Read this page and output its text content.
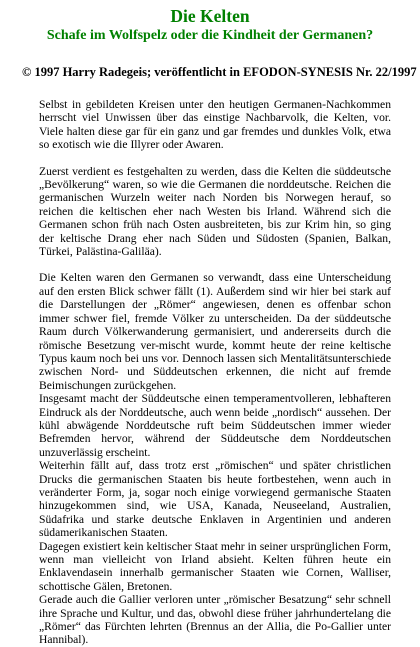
Die Kelten
Schafe im Wolfspelz oder die Kindheit der Germanen?
© 1997 Harry Radegeis; veröffentlicht in EFODON-SYNESIS Nr. 22/1997

Selbst in gebildeten Kreisen unter den heutigen Germanen-Nachkommen herrscht viel Unwissen über das einstige Nachbarvolk, die Kelten, vor. Viele halten diese gar für ein ganz und gar fremdes und dunkles Volk, etwa so exotisch wie die Illyrer oder Awaren.

Zuerst verdient es festgehalten zu werden, dass die Kelten die süddeutsche „Bevölkerung“ waren, so wie die Germanen die norddeutsche. Reichen die germanischen Wurzeln weiter nach Norden bis Norwegen herauf, so reichen die keltischen eher nach Westen bis Irland. Während sich die Germanen schon früh nach Osten ausbreiteten, bis zur Krim hin, so ging der keltische Drang eher nach Süden und Südosten (Spanien, Balkan, Türkei, Palästina-Galiläa).

Die Kelten waren den Germanen so verwandt, dass eine Unterscheidung auf den ersten Blick schwer fällt (1). Außerdem sind wir hier bei stark auf die Darstellungen der „Römer“ angewiesen, denen es offenbar schon immer schwer fiel, fremde Völker zu unterscheiden. Da der süddeutsche Raum durch Völkerwanderung germanisiert, und andererseits durch die römische Besetzung ver-mischt wurde, kommt heute der reine keltische Typus kaum noch bei uns vor. Dennoch lassen sich Mentalitätsunterschiede zwischen Nord- und Süddeutschen erkennen, die nicht auf fremde Beimischungen zurückgehen.

Insgesamt macht der Süddeutsche einen temperamentvolleren, lebhafteren Eindruck als der Norddeutsche, auch wenn beide „nordisch“ aussehen. Der kühl abwägende Norddeutsche ruft beim Süddeutschen immer wieder Befremden hervor, während der Süddeutsche dem Norddeutschen unzuverlässig erscheint.

Weiterhin fällt auf, dass trotz erst „römischen“ und später christlichen Drucks die germanischen Staaten bis heute fortbestehen, wenn auch in veränderter Form, ja, sogar noch einige vorwiegend germanische Staaten hinzugekommen sind, wie USA, Kanada, Neuseeland, Australien, Südafrika und starke deutsche Enklaven in Argentinien und anderen südamerikanischen Staaten.

Dagegen existiert kein keltischer Staat mehr in seiner ursprünglichen Form, wenn man vielleicht von Irland absieht. Kelten führen heute ein Enklavendasein innerhalb germanischer Staaten wie Cornen, Walliser, schottische Gälen, Bretonen.

Gerade auch die Gallier verloren unter „römischer Besatzung“ sehr schnell ihre Sprache und Kultur, und das, obwohl diese früher jahrhundertelang die „Römer“ das Fürchten lehrten (Brennus an der Allia, die Po-Gallier unter Hannibal).
